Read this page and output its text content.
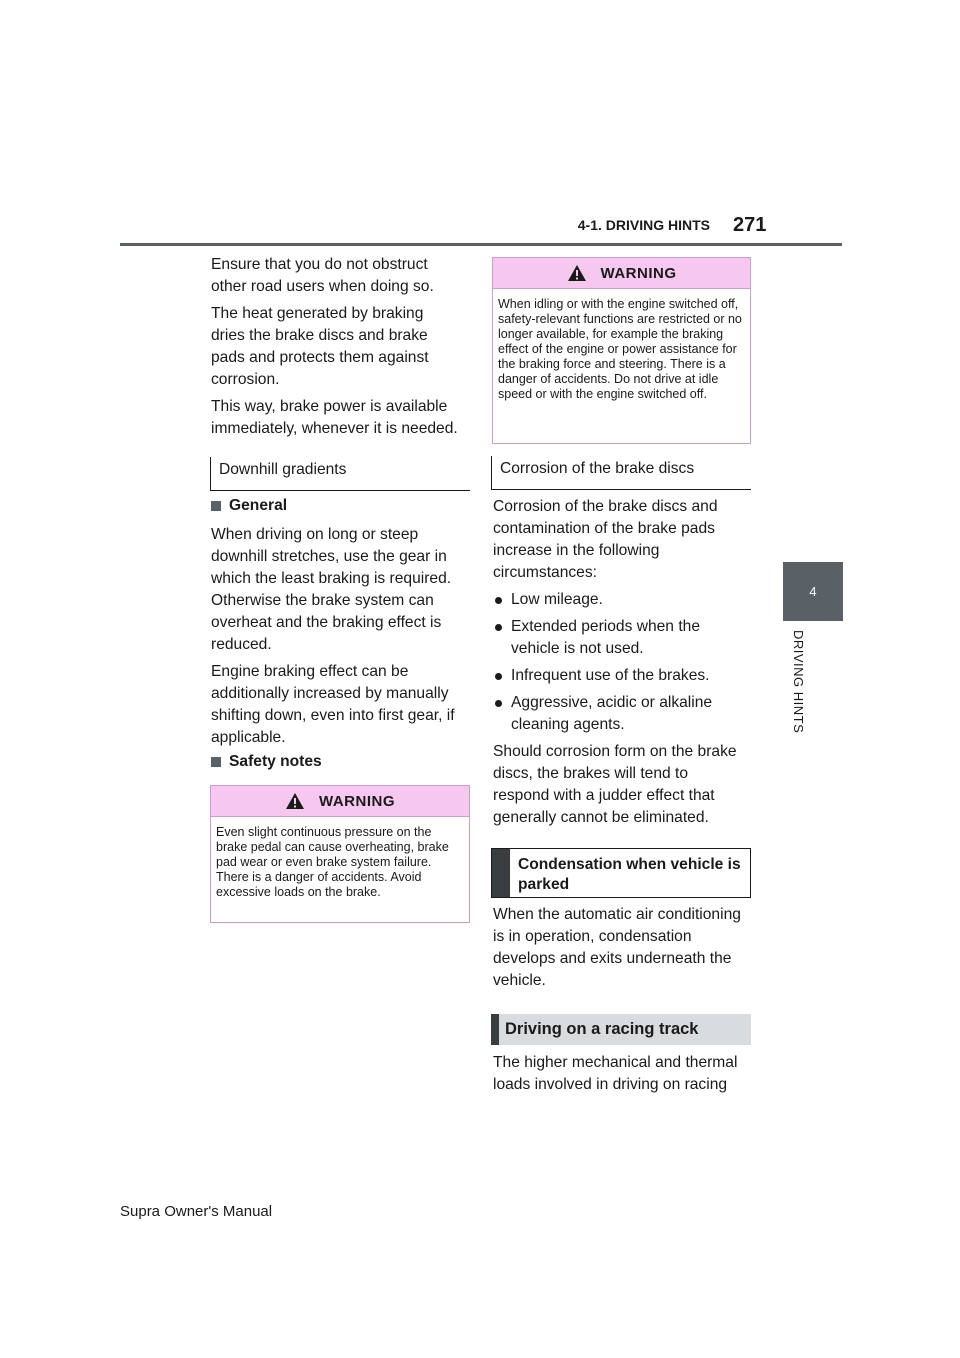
4-1. DRIVING HINTS 271
4
DRIVING HINTS

Ensure that you do not obstruct other road users when doing so.

The heat generated by braking dries the brake discs and brake pads and protects them against corrosion.

This way, brake power is available immediately, whenever it is needed.

Downhill gradients
General

When driving on long or steep downhill stretches, use the gear in which the least braking is required. Otherwise the brake system can overheat and the braking effect is reduced.

Engine braking effect can be additionally increased by manually shifting down, even into first gear, if applicable.

Safety notes
WARNING
Even slight continuous pressure on the brake pedal can cause overheating, brake pad wear or even brake system failure. There is a danger of accidents. Avoid excessive loads on the brake.
WARNING
When idling or with the engine switched off, safety-relevant functions are restricted or no longer available, for example the braking effect of the engine or power assistance for the braking force and steering. There is a danger of accidents. Do not drive at idle speed or with the engine switched off.
Corrosion of the brake discs

Corrosion of the brake discs and contamination of the brake pads increase in the following circumstances:

Low mileage.
Extended periods when the vehicle is not used.
Infrequent use of the brakes.
Aggressive, acidic or alkaline cleaning agents.

Should corrosion form on the brake discs, the brakes will tend to respond with a judder effect that generally cannot be eliminated.

Condensation when vehicle is parked

When the automatic air conditioning is in operation, condensation develops and exits underneath the vehicle.

Driving on a racing track

The higher mechanical and thermal loads involved in driving on racing

Supra Owner's Manual
